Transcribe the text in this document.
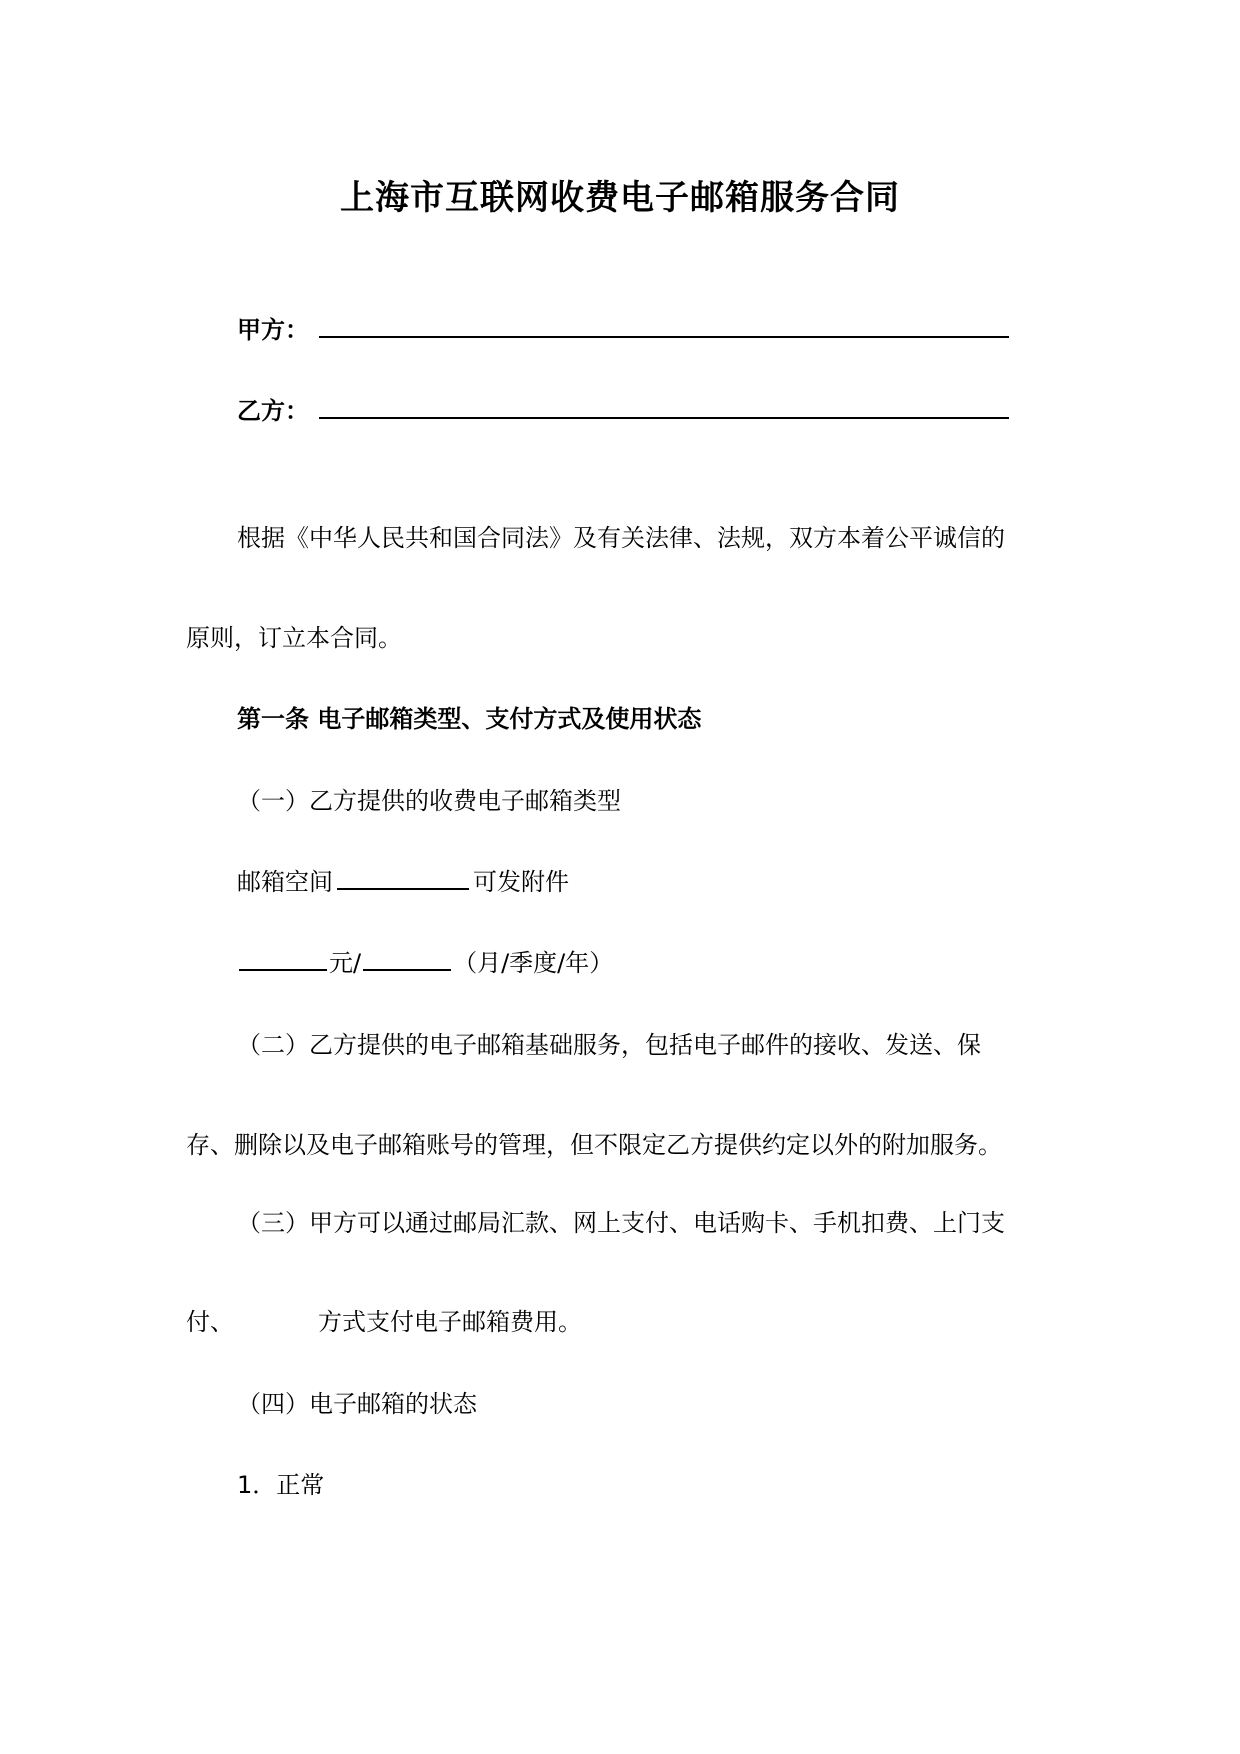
上海市互联网收费电子邮箱服务合同
甲方：
乙方：
根据《中华人民共和国合同法》及有关法律、法规，双方本着公平诚信的
原则，订立本合同。
第一条 电子邮箱类型、支付方式及使用状态
（一）乙方提供的收费电子邮箱类型
邮箱空间	可发附件
元/	（月/季度/年）
（二）乙方提供的电子邮箱基础服务，包括电子邮件的接收、发送、保
存、删除以及电子邮箱账号的管理，但不限定乙方提供约定以外的附加服务。
（三）甲方可以通过邮局汇款、网上支付、电话购卡、手机扣费、上门支
付、	方式支付电子邮箱费用。
（四）电子邮箱的状态
1．正常
